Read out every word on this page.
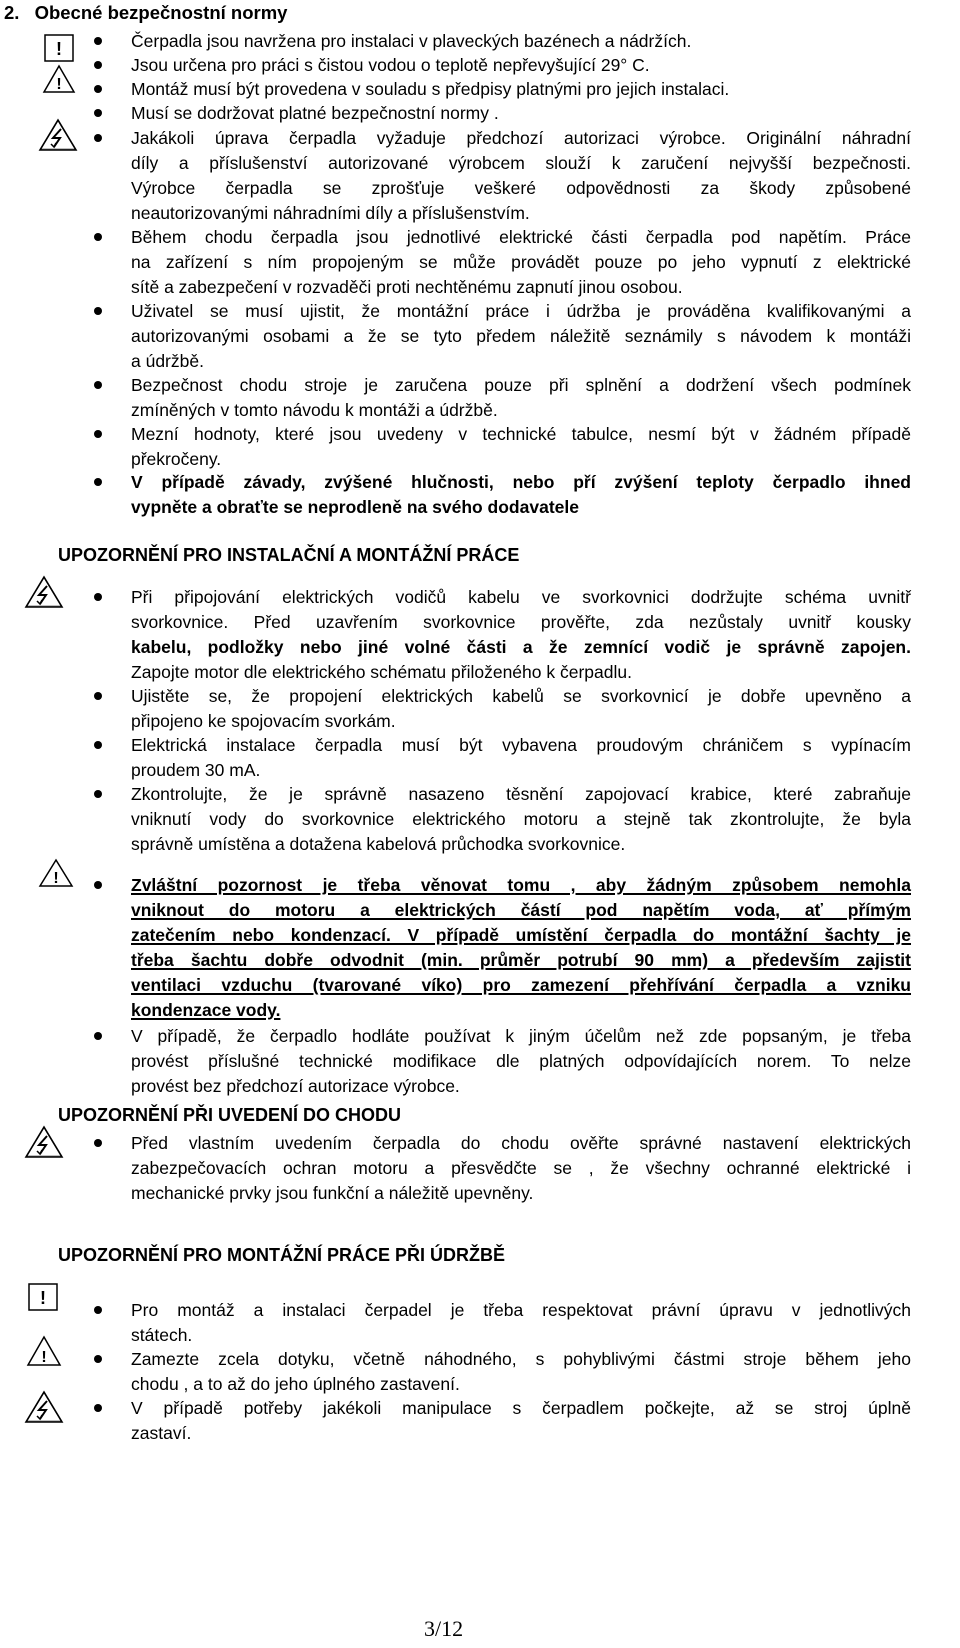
2. Obecné bezpečnostní normy
!
!
!
!
!
Čerpadla jsou navržena pro instalaci v plaveckých bazénech a nádržích.
Jsou určena pro práci s čistou vodou o teplotě nepřevyšující 29° C.
Montáž musí být provedena v souladu s předpisy platnými pro jejich instalaci.
Musí se dodržovat platné bezpečnostní normy .
Jakákoli úprava čerpadla vyžaduje předchozí autorizaci výrobce. Originální náhradní
díly a příslušenství autorizované výrobcem slouží k zaručení nejvyšší bezpečnosti.
Výrobce čerpadla se zprošťuje veškeré odpovědnosti za škody způsobené
neautorizovanými náhradními díly a příslušenstvím.
Během chodu čerpadla jsou jednotlivé elektrické části čerpadla pod napětím. Práce
na zařízení s ním propojeným se může provádět pouze po jeho vypnutí z elektrické
sítě a zabezpečení v rozvaděči proti nechtěnému zapnutí jinou osobou.
Uživatel se musí ujistit, že montážní práce i údržba je prováděna kvalifikovanými a
autorizovanými osobami a že se tyto předem náležitě seznámily s návodem k montáži
a údržbě.
Bezpečnost chodu stroje je zaručena pouze při splnění a dodržení všech podmínek
zmíněných v tomto návodu k montáži a údržbě.
Mezní hodnoty, které jsou uvedeny v technické tabulce, nesmí být v žádném případě
překročeny.
V případě závady, zvýšené hlučnosti, nebo pří zvýšení teploty čerpadlo ihned
vypněte a obraťte se neprodleně na svého dodavatele
UPOZORNĚNÍ PRO INSTALAČNÍ A MONTÁŽNÍ PRÁCE
Při připojování elektrických vodičů kabelu ve svorkovnici dodržujte schéma uvnitř
svorkovnice. Před uzavřením svorkovnice prověřte, zda nezůstaly uvnitř kousky
kabelu, podložky nebo jiné volné části a že zemnící vodič je správně zapojen.
Zapojte motor dle elektrického schématu přiloženého k čerpadlu.
Ujistěte se, že propojení elektrických kabelů se svorkovnicí je dobře upevněno a
připojeno ke spojovacím svorkám.
Elektrická instalace čerpadla musí být vybavena proudovým chráničem s vypínacím
proudem 30 mA.
Zkontrolujte, že je správně nasazeno těsnění zapojovací krabice, které zabraňuje
vniknutí vody do svorkovnice elektrického motoru a stejně tak zkontrolujte, že byla
správně umístěna a dotažena kabelová průchodka svorkovnice.
Zvláštní pozornost je třeba věnovat tomu , aby žádným způsobem nemohla
vniknout do motoru a elektrických částí pod napětím voda, ať přímým
zatečením nebo kondenzací. V případě umístění čerpadla do montážní šachty je
třeba šachtu dobře odvodnit (min. průměr potrubí 90 mm) a především zajistit
ventilaci vzduchu (tvarované víko) pro zamezení přehřívání čerpadla a vzniku
kondenzace vody.
V případě, že čerpadlo hodláte používat k jiným účelům než zde popsaným, je třeba
provést příslušné technické modifikace dle platných odpovídajících norem. To nelze
provést bez předchozí autorizace výrobce.
UPOZORNĚNÍ PŘI UVEDENÍ DO CHODU
Před vlastním uvedením čerpadla do chodu ověřte správné nastavení elektrických
zabezpečovacích ochran motoru a přesvědčte se , že všechny ochranné elektrické i
mechanické prvky jsou funkční a náležitě upevněny.
UPOZORNĚNÍ PRO MONTÁŽNÍ PRÁCE PŘI ÚDRŽBĚ
Pro montáž a instalaci čerpadel je třeba respektovat právní úpravu v jednotlivých
státech.
Zamezte zcela dotyku, včetně náhodného, s pohyblivými částmi stroje během jeho
chodu , a to až do jeho úplného zastavení.
V případě potřeby jakékoli manipulace s čerpadlem počkejte, až se stroj úplně
zastaví.
3/12
